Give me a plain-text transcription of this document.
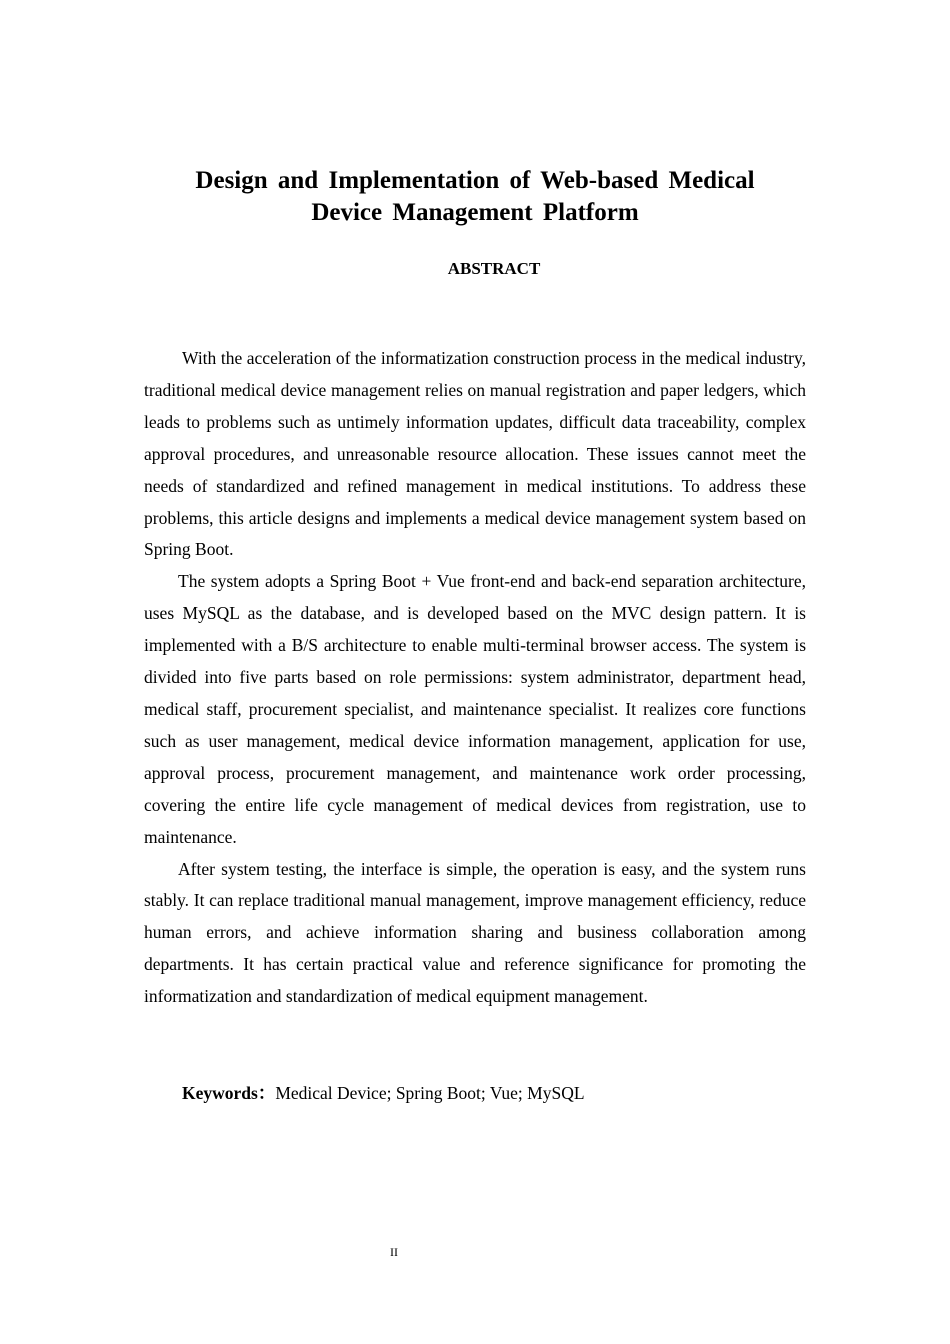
Design and Implementation of Web-based Medical
Device Management Platform
ABSTRACT

With the acceleration of the informatization construction process in the medical industry, traditional medical device management relies on manual registration and paper ledgers, which leads to problems such as untimely information updates, difficult data traceability, complex approval procedures, and unreasonable resource allocation. These issues cannot meet the needs of standardized and refined management in medical institutions. To address these problems, this article designs and implements a medical device management system based on Spring Boot.

The system adopts a Spring Boot + Vue front-end and back-end separation architecture, uses MySQL as the database, and is developed based on the MVC design pattern. It is implemented with a B/S architecture to enable multi-terminal browser access. The system is divided into five parts based on role permissions: system administrator, department head, medical staff, procurement specialist, and maintenance specialist. It realizes core functions such as user management, medical device information management, application for use, approval process, procurement management, and maintenance work order processing, covering the entire life cycle management of medical devices from registration, use to maintenance.

After system testing, the interface is simple, the operation is easy, and the system runs stably. It can replace traditional manual management, improve management efficiency, reduce human errors, and achieve information sharing and business collaboration among departments. It has certain practical value and reference significance for promoting the informatization and standardization of medical equipment management.

Keywords：Medical Device; Spring Boot; Vue; MySQL
II
